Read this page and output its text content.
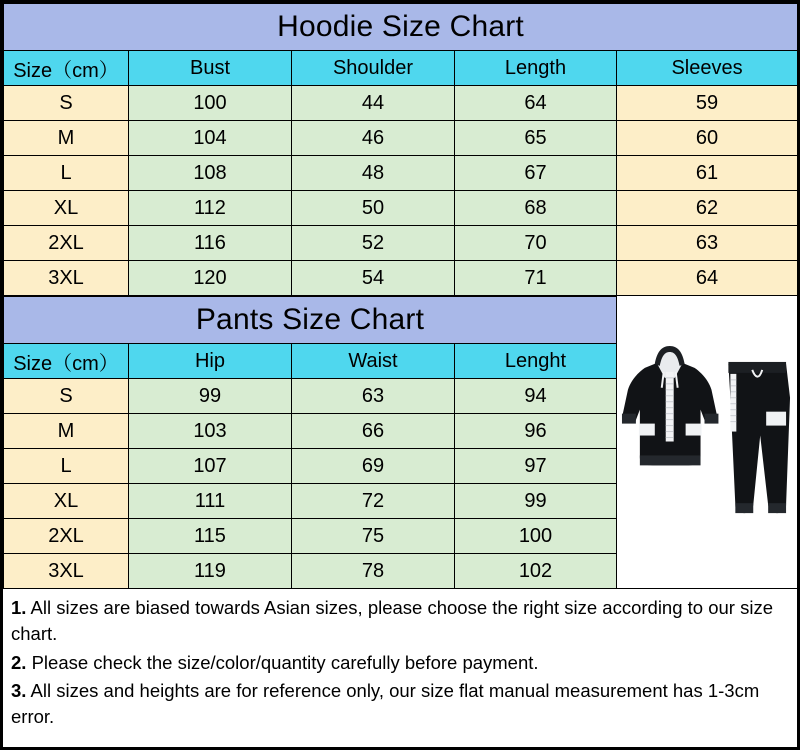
Hoodie Size Chart				
Size（cm）	Bust	Shoulder	Length	Sleeves
S	100	44	64	59
M	104	46	65	60
L	108	48	67	61
XL	112	50	68	62
2XL	116	52	70	63
3XL	120	54	71	64
Pants Size Chart			
Size（cm）	Hip	Waist	Lenght
S	99	63	94
M	103	66	96
L	107	69	97
XL	111	72	99
2XL	115	75	100
3XL	119	78	102

1. All sizes are biased towards Asian sizes, please choose the right size according to our size chart.

2. Please check the size/color/quantity carefully before payment.

3. All sizes and heights are for reference only, our size flat manual measurement has 1-3cm error.
